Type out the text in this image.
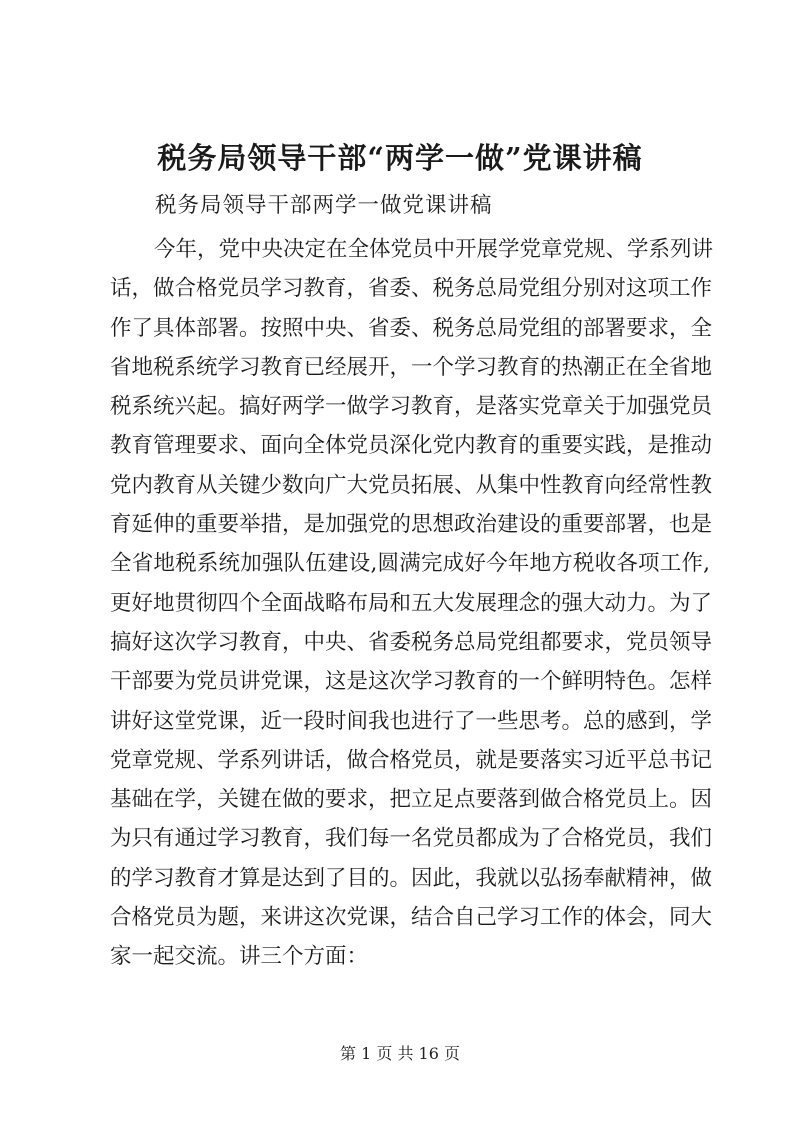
税务局领导干部“两学一做”党课讲稿
税务局领导干部两学一做党课讲稿
今年，党中央决定在全体党员中开展学党章党规、学系列讲
话，做合格党员学习教育，省委、税务总局党组分别对这项工作
作了具体部署。按照中央、省委、税务总局党组的部署要求，全
省地税系统学习教育已经展开，一个学习教育的热潮正在全省地
税系统兴起。搞好两学一做学习教育，是落实党章关于加强党员
教育管理要求、面向全体党员深化党内教育的重要实践，是推动
党内教育从关键少数向广大党员拓展、从集中性教育向经常性教
育延伸的重要举措，是加强党的思想政治建设的重要部署，也是
全省地税系统加强队伍建设,圆满完成好今年地方税收各项工作,
更好地贯彻四个全面战略布局和五大发展理念的强大动力。为了
搞好这次学习教育，中央、省委税务总局党组都要求，党员领导
干部要为党员讲党课，这是这次学习教育的一个鲜明特色。怎样
讲好这堂党课，近一段时间我也进行了一些思考。总的感到，学
党章党规、学系列讲话，做合格党员，就是要落实习近平总书记
基础在学，关键在做的要求，把立足点要落到做合格党员上。因
为只有通过学习教育，我们每一名党员都成为了合格党员，我们
的学习教育才算是达到了目的。因此，我就以弘扬奉献精神，做
合格党员为题，来讲这次党课，结合自己学习工作的体会，同大
家一起交流。讲三个方面：
第 1 页 共 16 页
